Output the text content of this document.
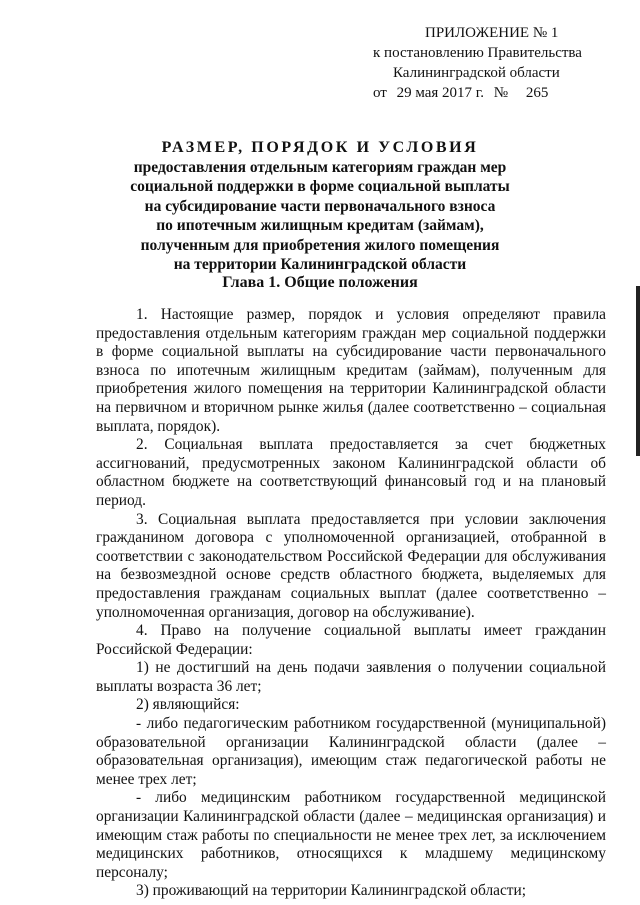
ПРИЛОЖЕНИЕ № 1
к постановлению Правительства
Калининградской области
от 29 мая 2017 г. № 265
РАЗМЕР, ПОРЯДОК И УСЛОВИЯ
предоставления отдельным категориям граждан мер
социальной поддержки в форме социальной выплаты
на субсидирование части первоначального взноса
по ипотечным жилищным кредитам (займам),
полученным для приобретения жилого помещения
на территории Калининградской области
Глава 1. Общие положения

1. Настоящие размер, порядок и условия определяют правила предоставления отдельным категориям граждан мер социальной поддержки в форме социальной выплаты на субсидирование части первоначального взноса по ипотечным жилищным кредитам (займам), полученным для приобретения жилого помещения на территории Калининградской области на первичном и вторичном рынке жилья (далее соответственно – социальная выплата, порядок).

2. Социальная выплата предоставляется за счет бюджетных ассигнований, предусмотренных законом Калининградской области об областном бюджете на соответствующий финансовый год и на плановый период.

3. Социальная выплата предоставляется при условии заключения гражданином договора с уполномоченной организацией, отобранной в соответствии с законодательством Российской Федерации для обслуживания на безвозмездной основе средств областного бюджета, выделяемых для предоставления гражданам социальных выплат (далее соответственно – уполномоченная организация, договор на обслуживание).

4. Право на получение социальной выплаты имеет гражданин Российской Федерации:

1) не достигший на день подачи заявления о получении социальной выплаты возраста 36 лет;

2) являющийся:

- либо педагогическим работником государственной (муниципальной) образовательной организации Калининградской области (далее – образовательная организация), имеющим стаж педагогической работы не менее трех лет;

- либо медицинским работником государственной медицинской организации Калининградской области (далее – медицинская организация) и имеющим стаж работы по специальности не менее трех лет, за исключением медицинских работников, относящихся к младшему медицинскому персоналу;

3) проживающий на территории Калининградской области;
